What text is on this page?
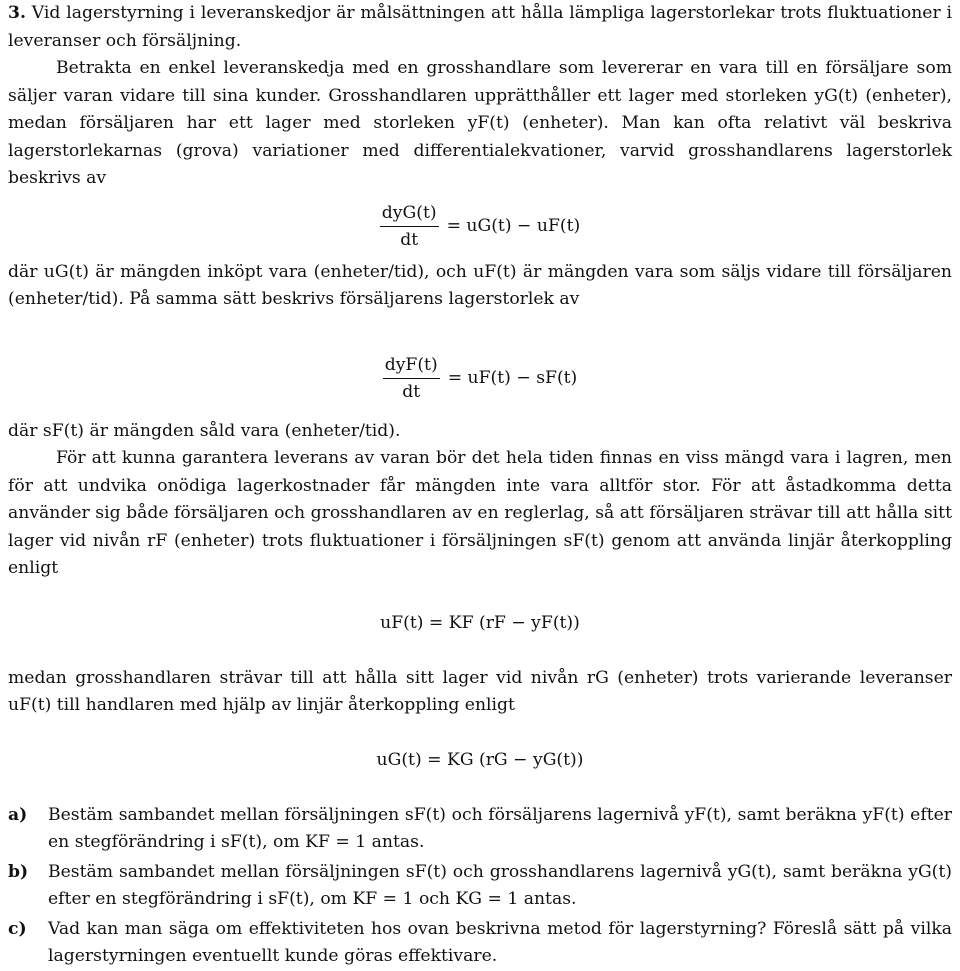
3. Vid lagerstyrning i leveranskedjor är målsättningen att hålla lämpliga lagerstorlekar trots fluktuationer i leveranser och försäljning.

Betrakta en enkel leveranskedja med en grosshandlare som levererar en vara till en försäljare som säljer varan vidare till sina kunder. Grosshandlaren upprätthåller ett lager med storleken yG(t) (enheter), medan försäljaren har ett lager med storleken yF(t) (enheter). Man kan ofta relativt väl beskriva lagerstorlekarnas (grova) variationer med differentialekvationer, varvid grosshandlarens lagerstorlek beskrivs av

$\frac{\text{dyG(t)}}{dt} = uG(t) - uF(t)$

där uG(t) är mängden inköpt vara (enheter/tid), och uF(t) är mängden vara som säljs vidare till försäljaren (enheter/tid). På samma sätt beskrivs försäljarens lagerstorlek av

$\frac{\text{dyF(t)}}{dt} = uF(t) - sF(t)$

där sF(t) är mängden såld vara (enheter/tid).

För att kunna garantera leverans av varan bör det hela tiden finnas en viss mängd vara i lagren, men för att undvika onödiga lagerkostnader får mängden inte vara alltför stor. För att åstadkomma detta använder sig både försäljaren och grosshandlaren av en reglerlag, så att försäljaren strävar till att hålla sitt lager vid nivån rF (enheter) trots fluktuationer i försäljningen sF(t) genom att använda linjär återkoppling enligt

uF(t) = KF (rF − yF(t))

medan grosshandlaren strävar till att hålla sitt lager vid nivån rG (enheter) trots varierande leveranser uF(t) till handlaren med hjälp av linjär återkoppling enligt

uG(t) = KG (rG − yG(t))
a)	Bestäm sambandet mellan försäljningen sF(t) och försäljarens lagernivå yF(t), samt beräkna yF(t) efter en stegförändring i sF(t), om KF = 1 antas.
b)	Bestäm sambandet mellan försäljningen sF(t) och grosshandlarens lagernivå yG(t), samt beräkna yG(t) efter en stegförändring i sF(t), om KF = 1 och KG = 1 antas.
c)	Vad kan man säga om effektiviteten hos ovan beskrivna metod för lagerstyrning? Föreslå sätt på vilka lagerstyrningen eventuellt kunde göras effektivare.
